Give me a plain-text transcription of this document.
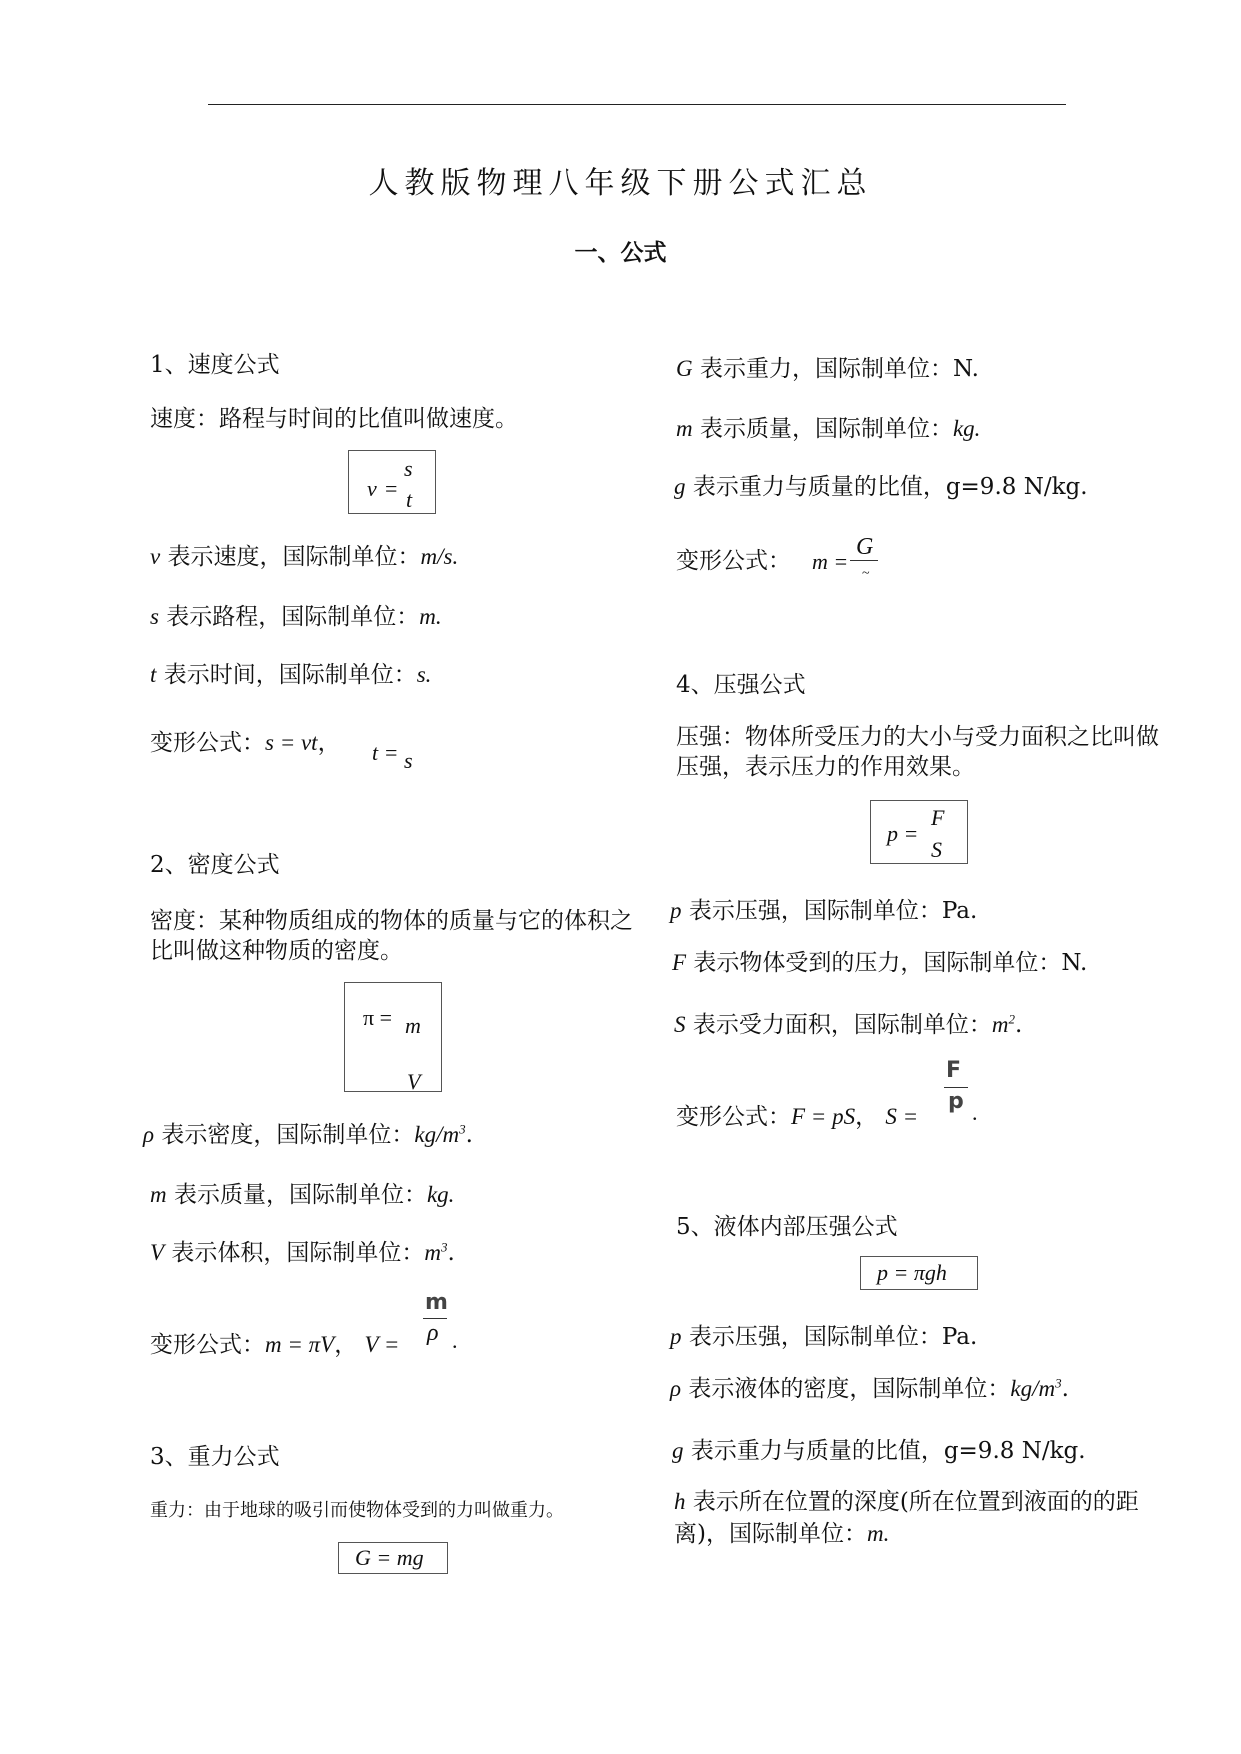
人教版物理八年级下册公式汇总
一、公式
1、速度公式
速度：路程与时间的比值叫做速度。
v =
s
t
v 表示速度，国际制单位：m/s.
s 表示路程，国际制单位：m.
t 表示时间，国际制单位：s.
变形公式：s = vt， t = s
2、密度公式
密度：某种物质组成的物体的质量与它的体积之比叫做这种物质的密度。
π = m
V
ρ 表示密度，国际制单位：$kg/m^3$.
m 表示质量，国际制单位：kg.
V 表示体积，国际制单位：$m^3$.
变形公式：m = πV， V =
m
ρ .
3、重力公式
重力：由于地球的吸引而使物体受到的力叫做重力。
G = mg
G 表示重力，国际制单位：N.
m 表示质量，国际制单位：kg.
g 表示重力与质量的比值，g=9.8 N/kg.
变形公式： m =
G
~
4、压强公式
压强：物体所受压力的大小与受力面积之比叫做压强，表示压力的作用效果。
p =
F
S
p 表示压强，国际制单位：Pa.
F 表示物体受到的压力，国际制单位：N.
S 表示受力面积，国际制单位：$m^2$.
变形公式：F = pS， S =
F
p .
5、液体内部压强公式
p = πgh
p 表示压强，国际制单位：Pa.
ρ 表示液体的密度，国际制单位：$kg/m^3$.
g 表示重力与质量的比值，g=9.8 N/kg.
h 表示所在位置的深度(所在位置到液面的的距离)，国际制单位：m.
